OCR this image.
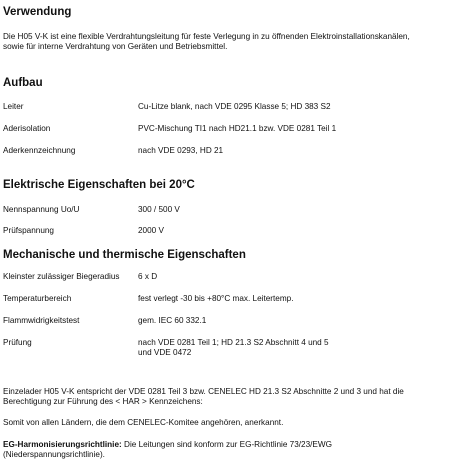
Verwendung
Die H05 V-K ist eine flexible Verdrahtungsleitung für feste Verlegung in zu öffnenden Elektroinstallationskanälen,
sowie für interne Verdrahtung von Geräten und Betriebsmittel.
Aufbau
Leiter	Cu-Litze blank, nach VDE 0295 Klasse 5; HD 383 S2
Aderisolation	PVC-Mischung TI1 nach HD21.1 bzw. VDE 0281 Teil 1
Aderkennzeichnung	nach VDE 0293, HD 21
Elektrische Eigenschaften bei 20°C
Nennspannung Uo/U	300 / 500 V
Prüfspannung	2000 V
Mechanische und thermische Eigenschaften
Kleinster zulässiger Biegeradius 6 x D
Temperaturbereich	fest verlegt -30 bis +80°C max. Leitertemp.
Flammwidrigkeitstest	gem. IEC 60 332.1
Prüfung	nach VDE 0281 Teil 1; HD 21.3 S2 Abschnitt 4 und 5
und VDE 0472
Einzelader H05 V-K entspricht der VDE 0281 Teil 3 bzw. CENELEC HD 21.3 S2 Abschnitte 2 und 3 und hat die
Berechtigung zur Führung des < HAR > Kennzeichens:
Somit von allen Ländern, die dem CENELEC-Komitee angehören, anerkannt.
EG-Harmonisierungsrichtlinie: Die Leitungen sind konform zur EG-Richtlinie 73/23/EWG
(Niederspannungsrichtlinie).
